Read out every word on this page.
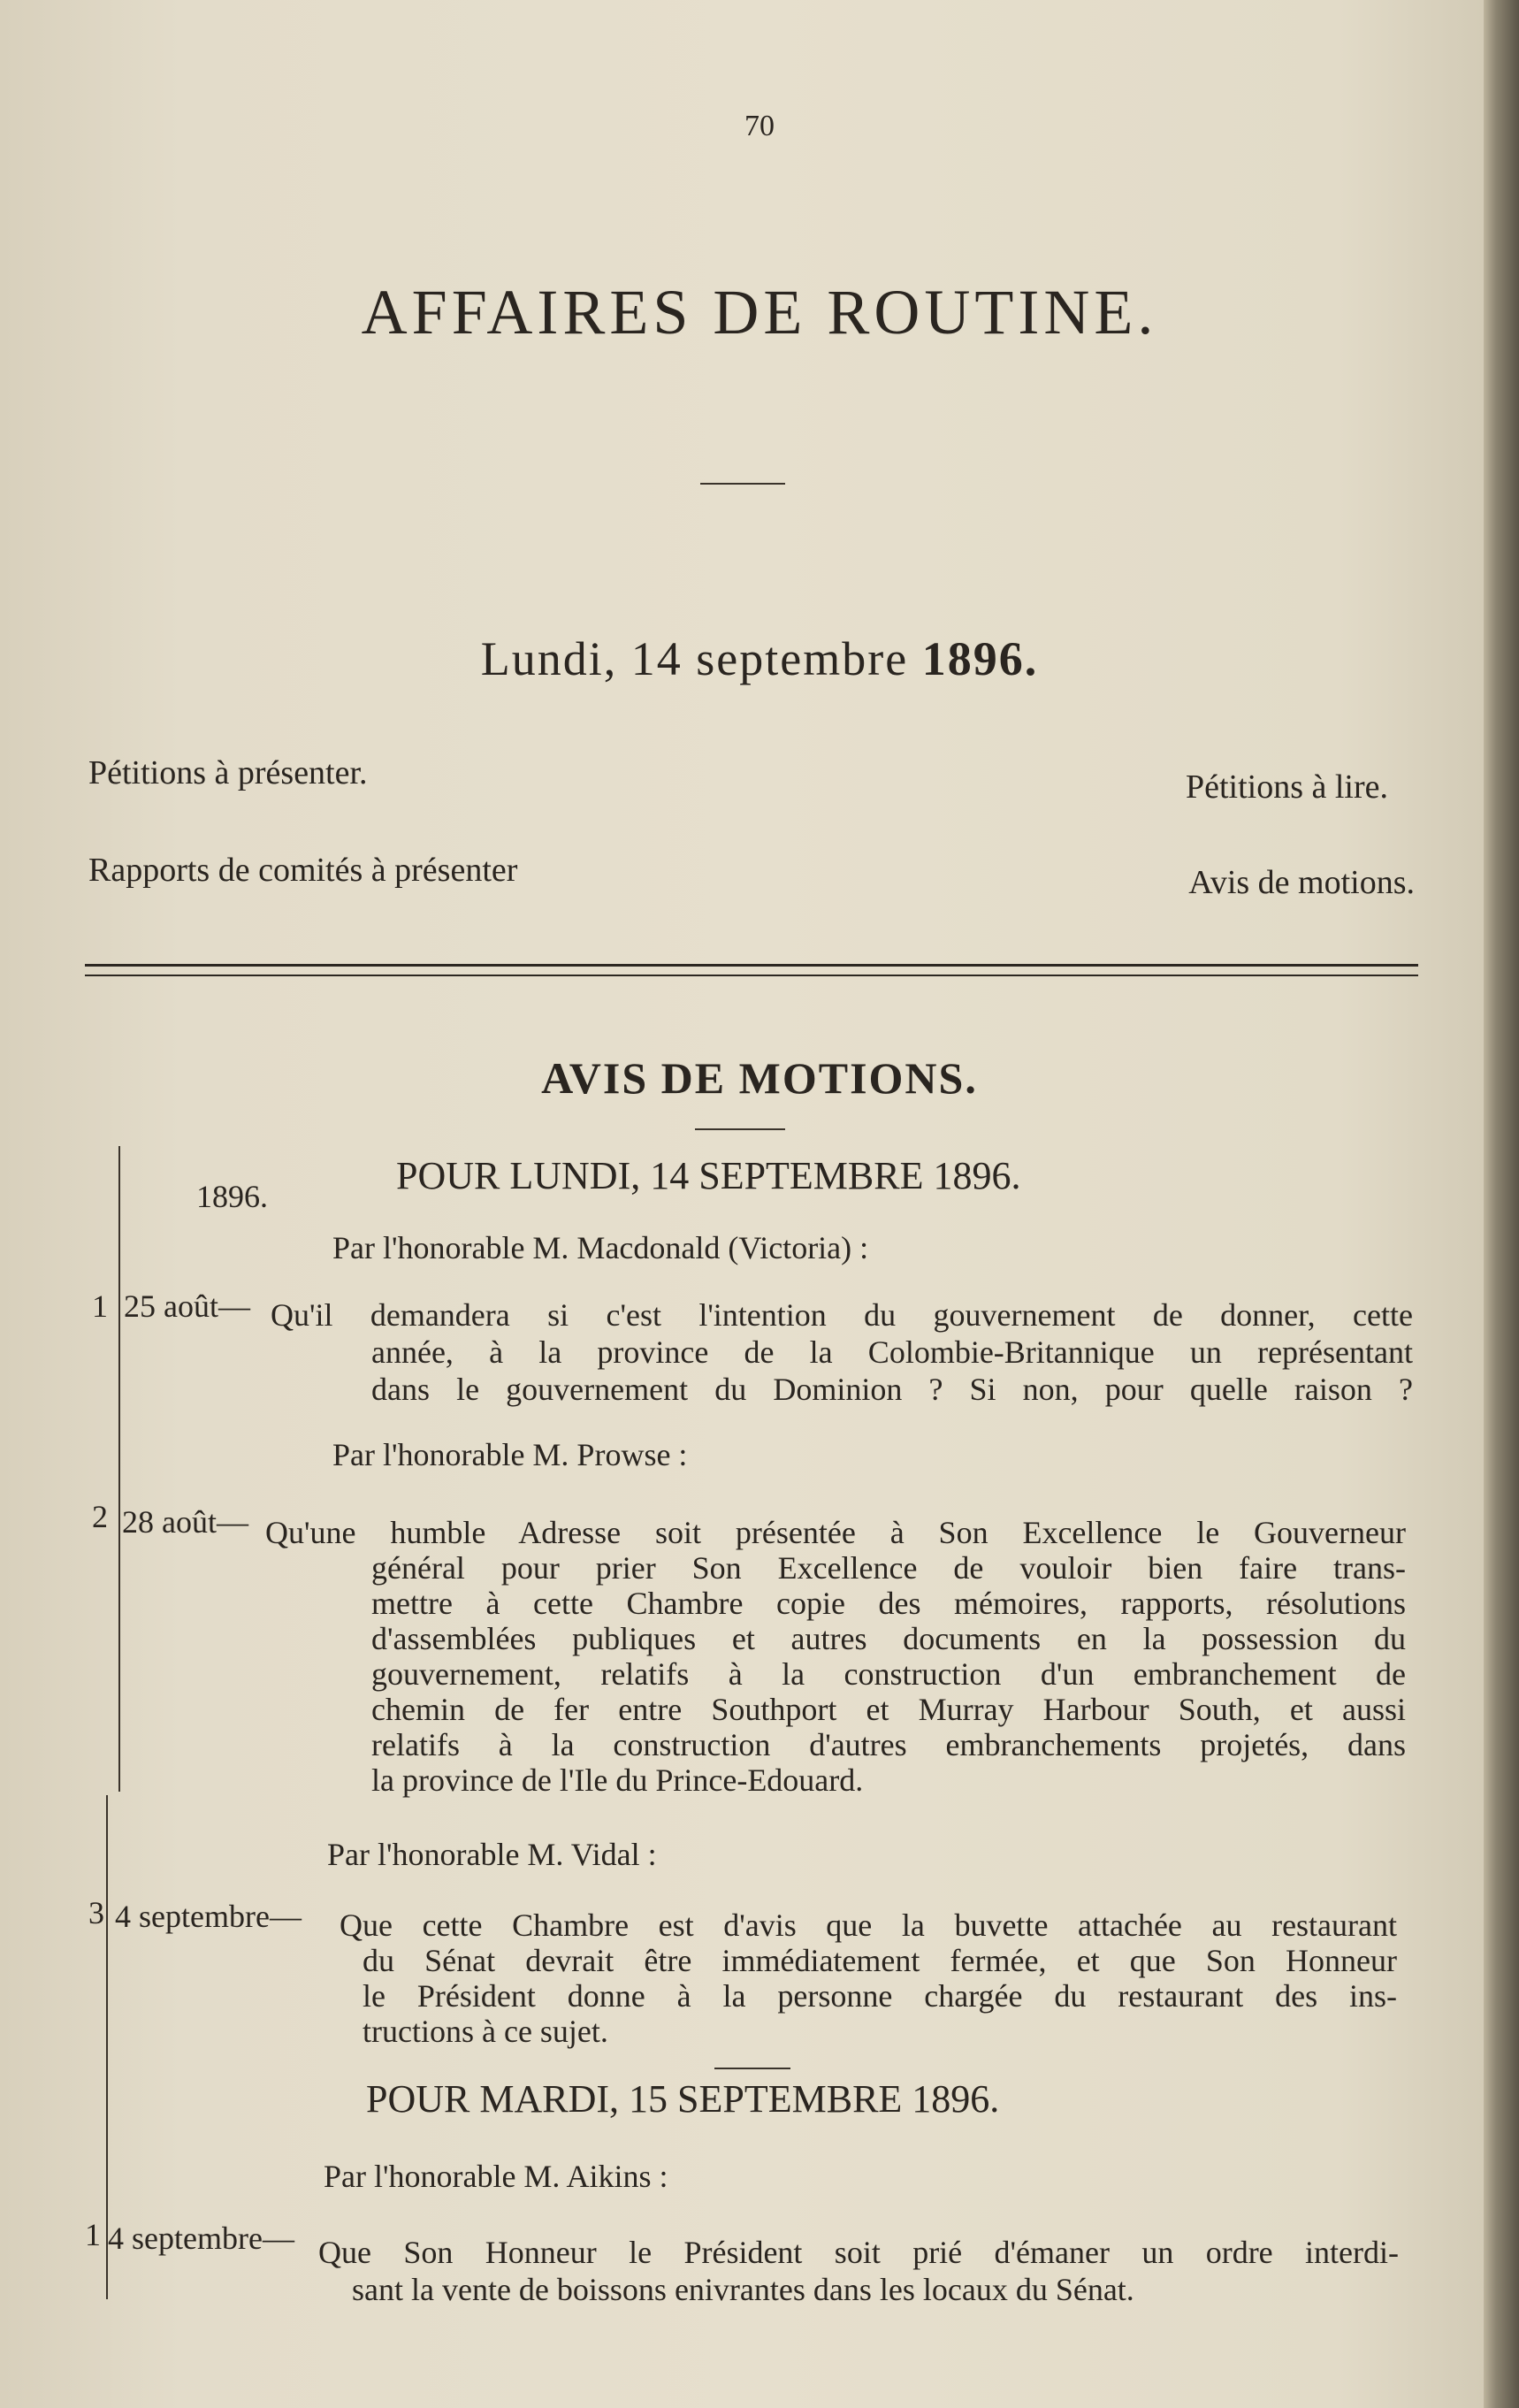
70
AFFAIRES DE ROUTINE.
Lundi, 14 septembre 1896.
Pétitions à présenter.
Rapports de comités à présenter
Pétitions à lire.
Avis de motions.
AVIS DE MOTIONS.
POUR LUNDI, 14 SEPTEMBRE 1896.
1896.
Par l'honorable M. Macdonald (Victoria) :
1 25 août— Qu'il demandera si c'est l'intention du gouvernement de donner, cette
année, à la province de la Colombie-Britannique un représentant
dans le gouvernement du Dominion ? Si non, pour quelle raison ?
Par l'honorable M. Prowse :
2 28 août— Qu'une humble Adresse soit présentée à Son Excellence le Gouverneur
général pour prier Son Excellence de vouloir bien faire trans-
mettre à cette Chambre copie des mémoires, rapports, résolutions
d'assemblées publiques et autres documents en la possession du
gouvernement, relatifs à la construction d'un embranchement de
chemin de fer entre Southport et Murray Harbour South, et aussi
relatifs à la construction d'autres embranchements projetés, dans
la province de l'Ile du Prince-Edouard.
Par l'honorable M. Vidal :
3 4 septembre— Que cette Chambre est d'avis que la buvette attachée au restaurant
du Sénat devrait être immédiatement fermée, et que Son Honneur
le Président donne à la personne chargée du restaurant des ins-
tructions à ce sujet.
POUR MARDI, 15 SEPTEMBRE 1896.
Par l'honorable M. Aikins :
1 4 septembre— Que Son Honneur le Président soit prié d'émaner un ordre interdi-
sant la vente de boissons enivrantes dans les locaux du Sénat.
